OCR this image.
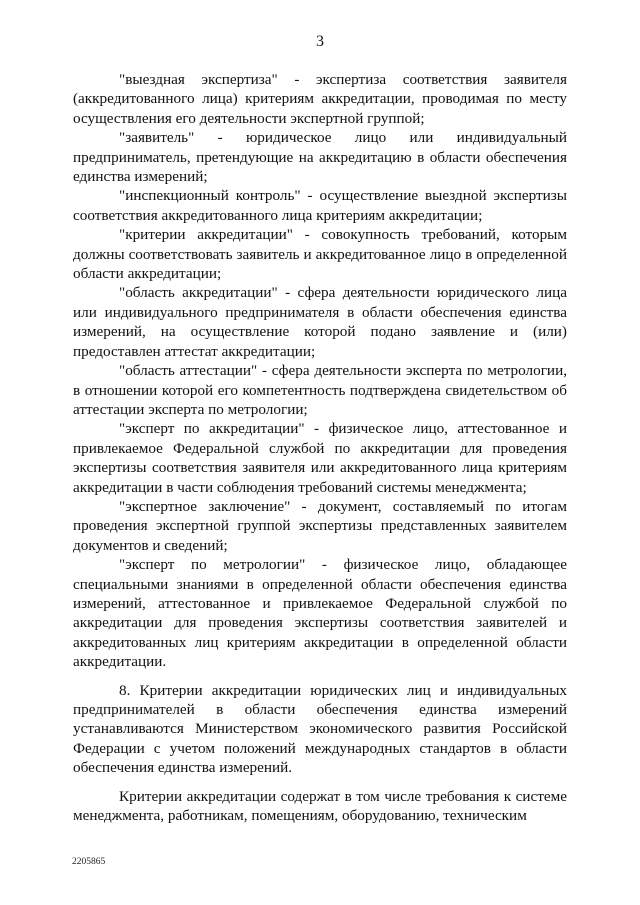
3

"выездная экспертиза" - экспертиза соответствия заявителя (аккредитованного лица) критериям аккредитации, проводимая по месту осуществления его деятельности экспертной группой;

"заявитель" - юридическое лицо или индивидуальный предприниматель, претендующие на аккредитацию в области обеспечения единства измерений;

"инспекционный контроль" - осуществление выездной экспертизы соответствия аккредитованного лица критериям аккредитации;

"критерии аккредитации" - совокупность требований, которым должны соответствовать заявитель и аккредитованное лицо в определенной области аккредитации;

"область аккредитации" - сфера деятельности юридического лица или индивидуального предпринимателя в области обеспечения единства измерений, на осуществление которой подано заявление и (или) предоставлен аттестат аккредитации;

"область аттестации" - сфера деятельности эксперта по метрологии, в отношении которой его компетентность подтверждена свидетельством об аттестации эксперта по метрологии;

"эксперт по аккредитации" - физическое лицо, аттестованное и привлекаемое Федеральной службой по аккредитации для проведения экспертизы соответствия заявителя или аккредитованного лица критериям аккредитации в части соблюдения требований системы менеджмента;

"экспертное заключение" - документ, составляемый по итогам проведения экспертной группой экспертизы представленных заявителем документов и сведений;

"эксперт по метрологии" - физическое лицо, обладающее специальными знаниями в определенной области обеспечения единства измерений, аттестованное и привлекаемое Федеральной службой по аккредитации для проведения экспертизы соответствия заявителей и аккредитованных лиц критериям аккредитации в определенной области аккредитации.

8. Критерии аккредитации юридических лиц и индивидуальных предпринимателей в области обеспечения единства измерений устанавливаются Министерством экономического развития Российской Федерации с учетом положений международных стандартов в области обеспечения единства измерений.

Критерии аккредитации содержат в том числе требования к системе менеджмента, работникам, помещениям, оборудованию, техническим

2205865
